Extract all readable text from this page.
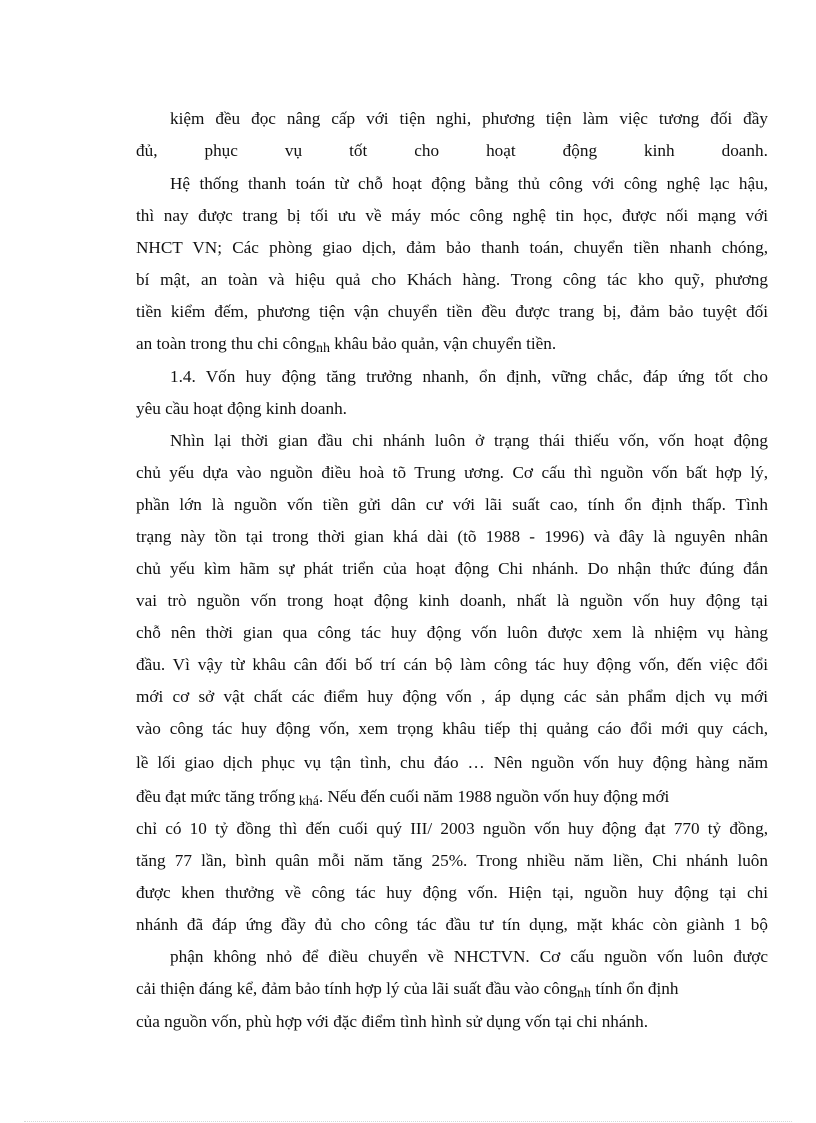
kiệm đều đọc nâng cấp với tiện nghi, phương tiện làm việc tương đối đầy
đủ,	phục	vụ	tốt	cho	hoạt	động	kinh	doanh.
Hệ thống thanh toán từ chỗ hoạt động bằng thủ công với công nghệ lạc hậu,
thì nay được trang bị tối ưu về máy móc công nghệ tin học, được nối mạng với
NHCT VN; Các phòng giao dịch, đảm bảo thanh toán, chuyển tiền nhanh chóng,
bí mật, an toàn và hiệu quả cho Khách hàng. Trong công tác kho quỹ, phương
tiền kiểm đếm, phương tiện vận chuyển tiền đều được trang bị, đảm bảo tuyệt đối
an toàn trong thu chi côngnh khâu bảo quản, vận chuyển tiền.
1.4. Vốn huy động tăng trưởng nhanh, ổn định, vững chắc, đáp ứng tốt cho
yêu cầu hoạt động kinh doanh.
Nhìn lại thời gian đầu chi nhánh luôn ở trạng thái thiếu vốn, vốn hoạt động
chủ yếu dựa vào nguồn điều hoà tõ Trung ương. Cơ cấu thì nguồn vốn bất hợp lý,
phần lớn là nguồn vốn tiền gửi dân cư với lãi suất cao, tính ổn định thấp. Tình
trạng này tồn tại trong thời gian khá dài (tõ 1988 - 1996) và đây là nguyên nhân
chủ yếu kìm hãm sự phát triển của hoạt động Chi nhánh. Do nhận thức đúng đắn
vai trò nguồn vốn trong hoạt động kinh doanh, nhất là nguồn vốn huy động tại
chỗ nên thời gian qua công tác huy động vốn luôn được xem là nhiệm vụ hàng
đầu. Vì vậy từ khâu cân đối bố trí cán bộ làm công tác huy động vốn, đến việc đổi
mới cơ sở vật chất các điểm huy động vốn , áp dụng các sản phẩm dịch vụ mới
vào công tác huy động vốn, xem trọng khâu tiếp thị quảng cáo đổi mới quy cách,
lề lối giao dịch phục vụ tận tình, chu đáo … Nên nguồn vốn huy động hàng năm
đều đạt mức tăng trống khá. Nếu đến cuối năm 1988 nguồn vốn huy động mới
chỉ có 10 tỷ đồng thì đến cuối quý III/ 2003 nguồn vốn huy động đạt 770 tỷ đồng,
tăng 77 lần, bình quân mỗi năm tăng 25%. Trong nhiều năm liền, Chi nhánh luôn
được khen thưởng về công tác huy động vốn. Hiện tại, nguồn huy động tại chi
nhánh đã đáp ứng đầy đủ cho công tác đầu tư tín dụng, mặt khác còn giành 1 bộ
phận không nhỏ để điều chuyển về NHCTVN. Cơ cấu nguồn vốn luôn được
cải thiện đáng kể, đảm bảo tính hợp lý của lãi suất đầu vào côngnh tính ổn định
của nguồn vốn, phù hợp với đặc điểm tình hình sử dụng vốn tại chi nhánh.
